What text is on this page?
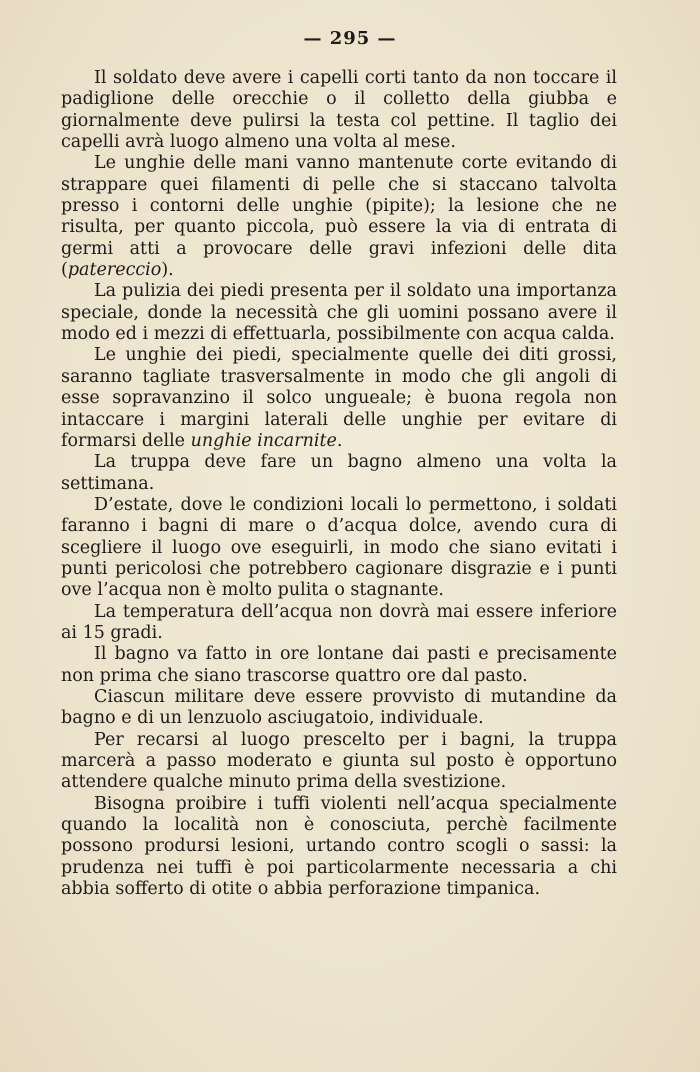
— 295 —

Il soldato deve avere i capelli corti tanto da non toccare il padiglione delle orecchie o il colletto della giubba e giornalmente deve pulirsi la testa col pettine. Il taglio dei capelli avrà luogo almeno una volta al mese.

Le unghie delle mani vanno mantenute corte evitando di strappare quei filamenti di pelle che si staccano talvolta presso i contorni delle unghie (pipite); la lesione che ne risulta, per quanto piccola, può essere la via di entrata di germi atti a provocare delle gravi infezioni delle dita (patereccio).

La pulizia dei piedi presenta per il soldato una importanza speciale, donde la necessità che gli uomini possano avere il modo ed i mezzi di effettuarla, possibilmente con acqua calda.

Le unghie dei piedi, specialmente quelle dei diti grossi, saranno tagliate trasversalmente in modo che gli angoli di esse sopravanzino il solco ungueale; è buona regola non intaccare i margini laterali delle unghie per evitare di formarsi delle unghie incarnite.

La truppa deve fare un bagno almeno una volta la settimana.

D’estate, dove le condizioni locali lo permettono, i soldati faranno i bagni di mare o d’acqua dolce, avendo cura di scegliere il luogo ove eseguirli, in modo che siano evitati i punti pericolosi che potrebbero cagionare disgrazie e i punti ove l’acqua non è molto pulita o stagnante.

La temperatura dell’acqua non dovrà mai essere inferiore ai 15 gradi.

Il bagno va fatto in ore lontane dai pasti e precisamente non prima che siano trascorse quattro ore dal pasto.

Ciascun militare deve essere provvisto di mutandine da bagno e di un lenzuolo asciugatoio, individuale.

Per recarsi al luogo prescelto per i bagni, la truppa marcerà a passo moderato e giunta sul posto è opportuno attendere qualche minuto prima della svestizione.

Bisogna proibire i tuffi violenti nell’acqua specialmente quando la località non è conosciuta, perchè facilmente possono prodursi lesioni, urtando contro scogli o sassi: la prudenza nei tuffi è poi particolarmente necessaria a chi abbia sofferto di otite o abbia perforazione timpanica.
